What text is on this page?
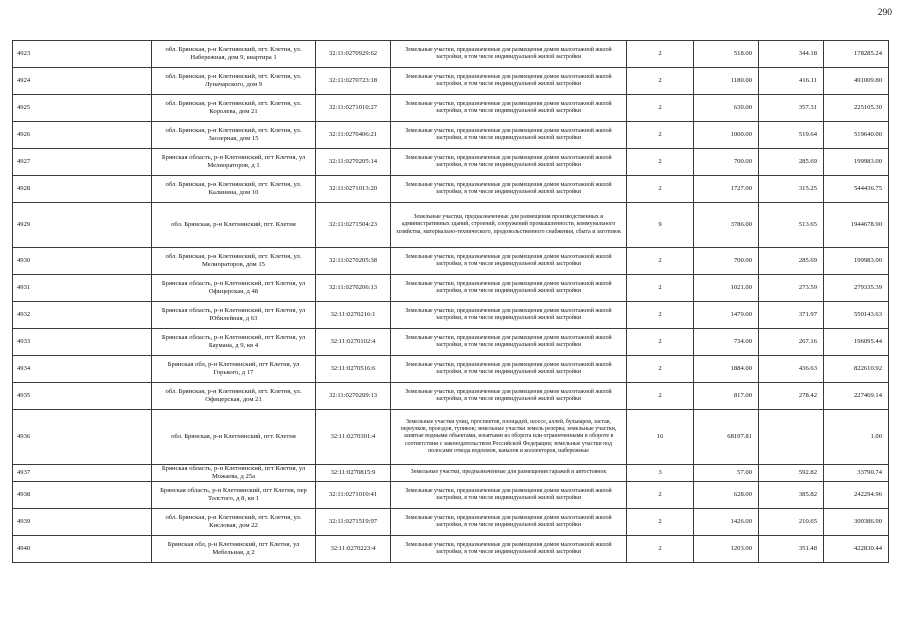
290
4923	обл. Брянская, р-н Клетнянский, пгт. Клетня, ул. Набережная, дом 9, квартира 1	32:11:0270929:62	Земельные участки, предназначенные для размещения домов малоэтажной жилой застройки, в том числе индивидуальной жилой застройки	2	518.00	344.18	178285.24
4924	обл. Брянская, р-н Клетнянский, пгт. Клетня, ул. Луначарского, дом 9	32:11:0270723:18	Земельные участки, предназначенные для размещения домов малоэтажной жилой застройки, в том числе индивидуальной жилой застройки	2	1180.00	416.11	491009.80
4925	обл. Брянская, р-н Клетнянский, пгт. Клетня, ул. Королева, дом 21	32:11:0271010:27	Земельные участки, предназначенные для размещения домов малоэтажной жилой застройки, в том числе индивидуальной жилой застройки	2	630.00	357.31	225105.30
4926	обл. Брянская, р-н Клетнянский, пгт. Клетня, ул. Заозерная, дом 15	32:11:0270406:21	Земельные участки, предназначенные для размещения домов малоэтажной жилой застройки, в том числе индивидуальной жилой застройки	2	1000.00	519.64	519640.00
4927	Брянская область, р-н Клетнянский, пгт Клетня, ул Мелиораторов, д 1	32:11:0270205:14	Земельные участки, предназначенные для размещения домов малоэтажной жилой застройки, в том числе индивидуальной жилой застройки	2	700.00	285.69	199983.00
4928	обл. Брянская, р-н Клетнянский, пгт. Клетня, ул. Калинина, дом 10	32:11:0271013:20	Земельные участки, предназначенные для размещения домов малоэтажной жилой застройки, в том числе индивидуальной жилой застройки	2	1727.00	315.25	544436.75
4929	обл. Брянская, р-н Клетнянский, пгт. Клетня	32:11:0271504:23	Земельные участки, предназначенные для размещения производственных и административных зданий, строений, сооружений промышленности, коммунального хозяйства, материально-технического, продовольственного снабжения, сбыта и заготовок	9	3786.00	513.65	1944678.90
4930	обл. Брянская, р-н Клетнянский, пгт. Клетня, ул. Мелиораторов, дом 15	32:11:0270205:38	Земельные участки, предназначенные для размещения домов малоэтажной жилой застройки, в том числе индивидуальной жилой застройки	2	700.00	285.69	199983.00
4931	Брянская область, р-н Клетнянский, пгт Клетня, ул Офицерская, д 48	32:11:0270206:13	Земельные участки, предназначенные для размещения домов малоэтажной жилой застройки, в том числе индивидуальной жилой застройки	2	1021.00	273.59	279335.39
4932	Брянская область, р-н Клетнянский, пгт Клетня, ул Юбилейная, д 63	32:11:0270216:1	Земельные участки, предназначенные для размещения домов малоэтажной жилой застройки, в том числе индивидуальной жилой застройки	2	1479.00	371.97	550143.63
4933	Брянская область, р-н Клетнянский, пгт Клетня, ул Баумана, д 9, кв 4	32:11:0270102:4	Земельные участки, предназначенные для размещения домов малоэтажной жилой застройки, в том числе индивидуальной жилой застройки	2	734.00	267.16	196095.44
4934	Брянская обл, р-н Клетнянский, пгт Клетня, ул Горького, д 17	32:11:0270516:6	Земельные участки, предназначенные для размещения домов малоэтажной жилой застройки, в том числе индивидуальной жилой застройки	2	1884.00	436.63	822610.92
4935	обл. Брянская, р-н Клетнянский, пгт. Клетня, ул. Офицерская, дом 21	32:11:0270209:13	Земельные участки, предназначенные для размещения домов малоэтажной жилой застройки, в том числе индивидуальной жилой застройки	2	817.00	278.42	227469.14
4936	обл. Брянская, р-н Клетнянский, пгт. Клетня	32:11:0270301:4	Земельные участки улиц, проспектов, площадей, шоссе, аллей, бульваров, застав, переулков, проездов, тупиков; земельные участки земель резерва; земельные участки, занятые водными объектами, изъятыми из оборота или ограниченными в обороте в соответствии с законодательством Российской Федерации; земельные участки под полосами отвода водоемов, каналов и коллекторов, набережные	16	68197.81		1.00
4937	Брянская область, р-н Клетнянский, пгт Клетня, ул Можаева, д 25а	32:11:0270815:9	Земельные участки, предназначенные для размещения гаражей и автостоянок	3	57.00	592.82	33790.74
4938	Брянская область, р-н Клетнянский, пгт Клетня, пер Толстого, д 8, кв 1	32:11:0271010:41	Земельные участки, предназначенные для размещения домов малоэтажной жилой застройки, в том числе индивидуальной жилой застройки	2	628.00	385.82	242294.96
4939	обл. Брянская, р-н Клетнянский, пгт. Клетня, ул. Кисловая, дом 22	32:11:0271519:97	Земельные участки, предназначенные для размещения домов малоэтажной жилой застройки, в том числе индивидуальной жилой застройки	2	1426.00	210.65	300386.90
4940	Брянская обл, р-н Клетнянский, пгт Клетня, ул Мебельная, д 2	32:11:0270223:4	Земельные участки, предназначенные для размещения домов малоэтажной жилой застройки, в том числе индивидуальной жилой застройки	2	1203.00	351.48	422830.44
